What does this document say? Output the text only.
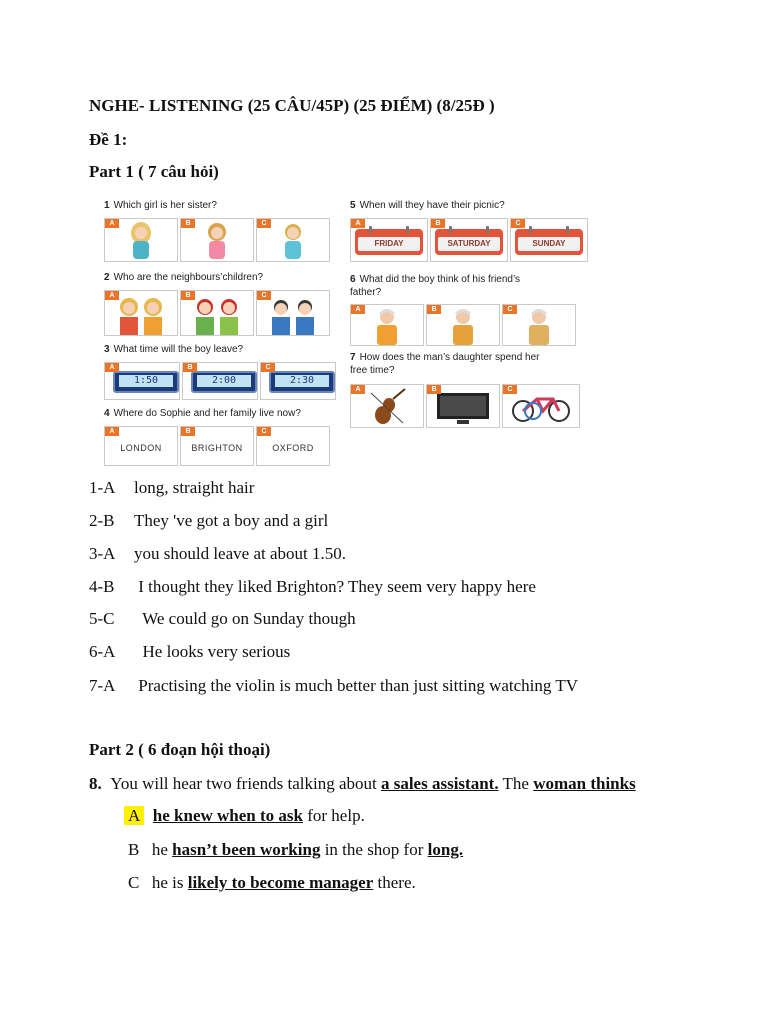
NGHE- LISTENING (25 CÂU/45P) (25 ĐIỂM) (8/25Đ )
Đề 1:
Part 1 ( 7 câu hỏi)
1 Which girl is her sister?
A	B	C
2 Who are the neighbours’children?
A	B	C
3 What time will the boy leave?
A
1:50
B
2:00
C
2:30
4 Where do Sophie and her family live now?
A
LONDON
B
BRIGHTON
C
OXFORD
5 When will they have their picnic?
A
FRIDAY
B
SATURDAY
C
SUNDAY
6 What did the boy think of his friend’s
father?
A	B	C
7 How does the man’s daughter spend her
free time?
A	B	C
1-A long, straight hair
2-B They 've got a boy and a girl
3-A you should leave at about 1.50.
4-B I thought they liked Brighton? They seem very happy here
5-C  We could go on Sunday though
6-A  He looks very serious
7-A Practising the violin is much better than just sitting watching TV
Part 2 ( 6 đoạn hội thoại)
8. You will hear two friends talking about a sales assistant. The woman thinks
A he knew when to ask for help.
B he hasn’t been working in the shop for long.
C he is likely to become manager there.
